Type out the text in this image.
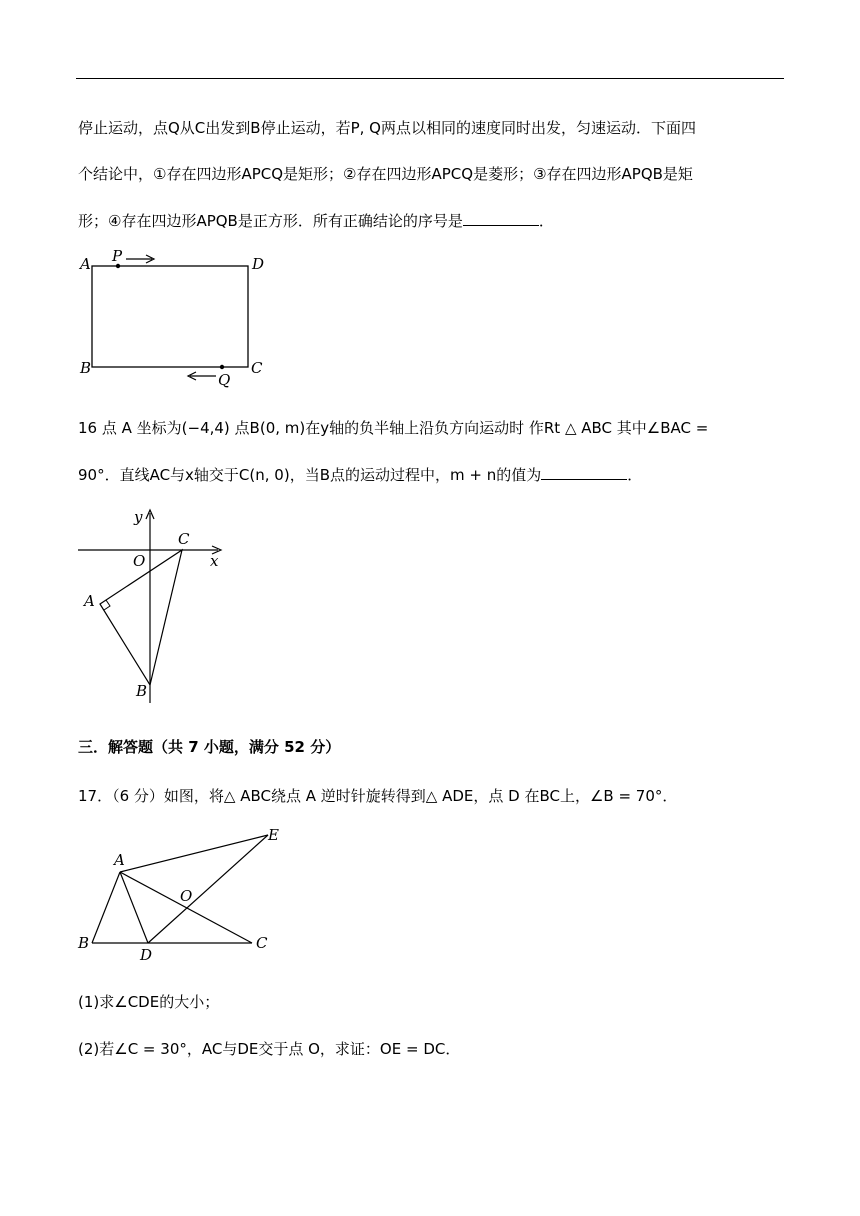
停止运动，点Q从C出发到B停止运动，若P, Q两点以相同的速度同时出发，匀速运动．下面四
个结论中，①存在四边形APCQ是矩形；②存在四边形APCQ是菱形；③存在四边形APQB是矩
形；④存在四边形APQB是正方形．所有正确结论的序号是	．
A P	D
B
Q
C
16 点 A 坐标为(−4,4) 点B(0, m)在y轴的负半轴上沿负方向运动时 作Rt △ ABC 其中∠BAC =
90°．直线AC与x轴交于C(n, 0)，当B点的运动过程中，m + n的值为	．
y
C
O	x
A
B
三．解答题（共 7 小题，满分 52 分）
17．（6 分）如图，将△ ABC绕点 A 逆时针旋转得到△ ADE，点 D 在BC上，∠B = 70°．
A
E
O
B
D
C
(1)求∠CDE的大小；
(2)若∠C = 30°，AC与DE交于点 O，求证：OE = DC．
